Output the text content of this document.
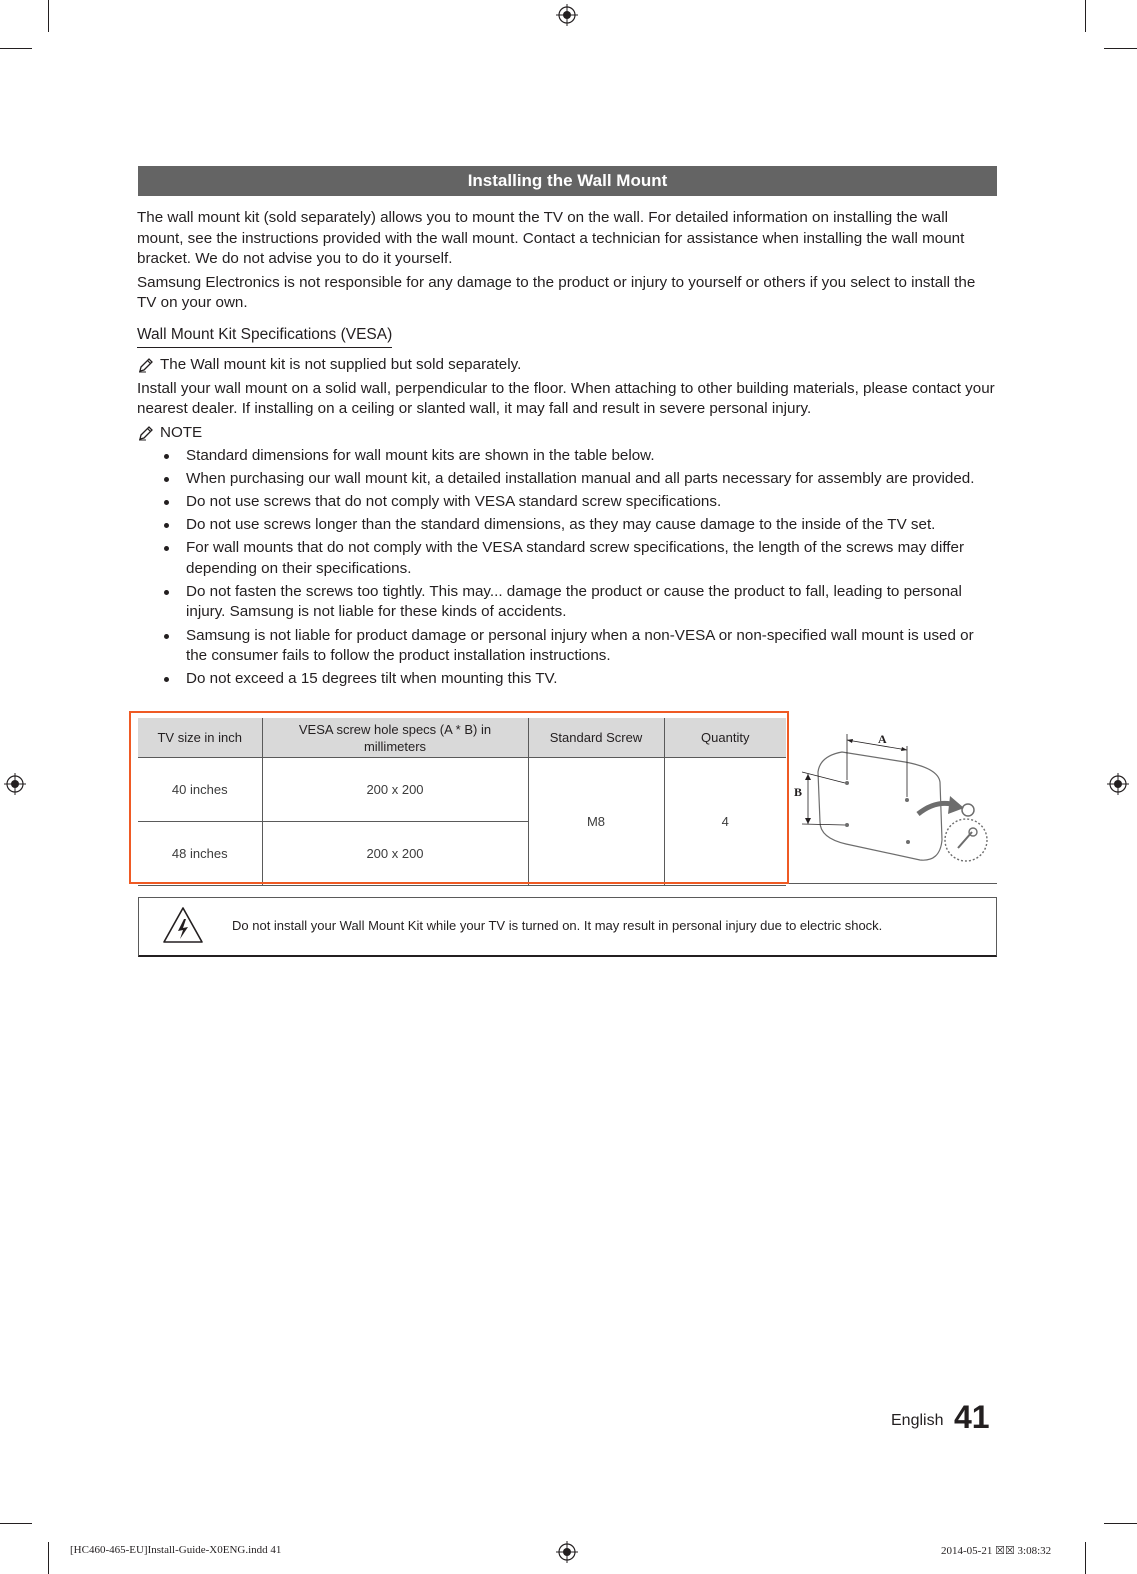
Installing the Wall Mount

The wall mount kit (sold separately) allows you to mount the TV on the wall. For detailed information on installing the wall mount, see the instructions provided with the wall mount. Contact a technician for assistance when installing the wall mount bracket. We do not advise you to do it yourself.

Samsung Electronics is not responsible for any damage to the product or injury to yourself or others if you select to install the TV on your own.

Wall Mount Kit Specifications (VESA)
The Wall mount kit is not supplied but sold separately.

Install your wall mount on a solid wall, perpendicular to the floor. When attaching to other building materials, please contact your nearest dealer. If installing on a ceiling or slanted wall, it may fall and result in severe personal injury.

NOTE
Standard dimensions for wall mount kits are shown in the table below.
When purchasing our wall mount kit, a detailed installation manual and all parts necessary for assembly are provided.
Do not use screws that do not comply with VESA standard screw specifications.
Do not use screws longer than the standard dimensions, as they may cause damage to the inside of the TV set.
For wall mounts that do not comply with the VESA standard screw specifications, the length of the screws may differ depending on their specifications.
Do not fasten the screws too tightly. This may... damage the product or cause the product to fall, leading to personal injury. Samsung is not liable for these kinds of accidents.
Samsung is not liable for product damage or personal injury when a non-VESA or non-specified wall mount is used or the consumer fails to follow the product installation instructions.
Do not exceed a 15 degrees tilt when mounting this TV.
TV size in inch	VESA screw hole specs (A * B) in millimeters	Standard Screw	Quantity
40 inches	200 x 200	M8	4
48 inches	200 x 200		
A
B
Do not install your Wall Mount Kit while your TV is turned on. It may result in personal injury due to electric shock.
English 41
[HC460-465-EU]Install-Guide-X0ENG.indd 41	2014-05-21 ☒☒ 3:08:32
